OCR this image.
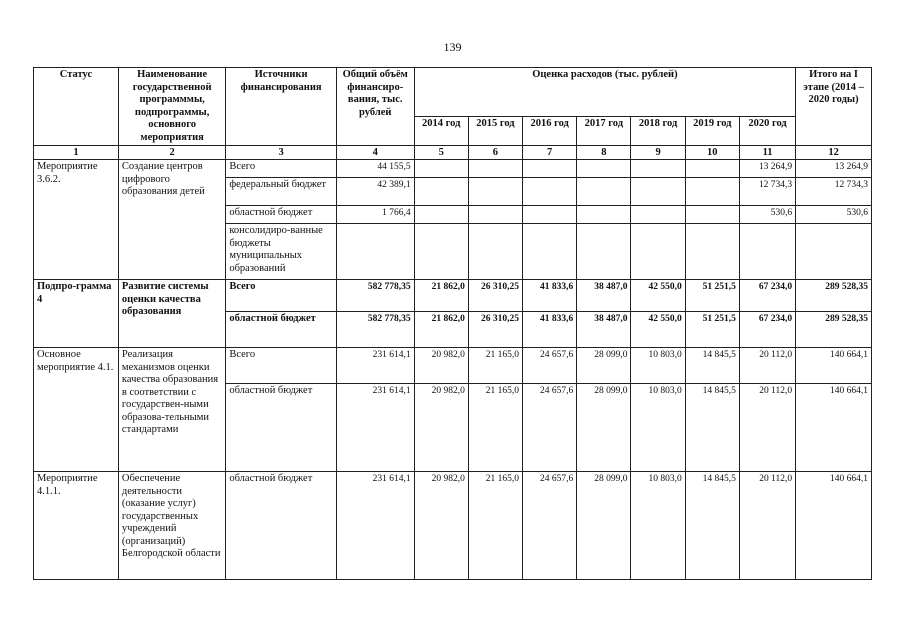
139
Статус	Наименование государственной программмы, подпрограммы, основного мероприятия	Источники финансирования	Общий объём финансиро-вания, тыс. рублей	Оценка расходов (тыс. рублей)							Итого на I этапе (2014 – 2020 годы)
				2014 год	2015 год	2016 год	2017 год	2018 год	2019 год	2020 год	
1	2	3	4	5	6	7	8	9	10	11	12
Мероприятие 3.6.2.	Создание центров цифрового образования детей	Всего	44 155,5							13 264,9	13 264,9
		федеральный бюджет	42 389,1							12 734,3	12 734,3
		областной бюджет	1 766,4							530,6	530,6
		консолидиро-ванные бюджеты муниципальных образований									
Подпро-грамма 4	Развитие системы оценки качества образования	Всего	582 778,35	21 862,0	26 310,25	41 833,6	38 487,0	42 550,0	51 251,5	67 234,0	289 528,35
		областной бюджет	582 778,35	21 862,0	26 310,25	41 833,6	38 487,0	42 550,0	51 251,5	67 234,0	289 528,35
Основное мероприятие 4.1.	Реализация механизмов оценки качества образования в соответствии с государствен-ными образова-тельными стандартами	Всего	231 614,1	20 982,0	21 165,0	24 657,6	28 099,0	10 803,0	14 845,5	20 112,0	140 664,1
		областной бюджет	231 614,1	20 982,0	21 165,0	24 657,6	28 099,0	10 803,0	14 845,5	20 112,0	140 664,1
Мероприятие 4.1.1.	Обеспечение деятельности (оказание услуг) государственных учреждений (организаций) Белгородской области	областной бюджет	231 614,1	20 982,0	21 165,0	24 657,6	28 099,0	10 803,0	14 845,5	20 112,0	140 664,1
